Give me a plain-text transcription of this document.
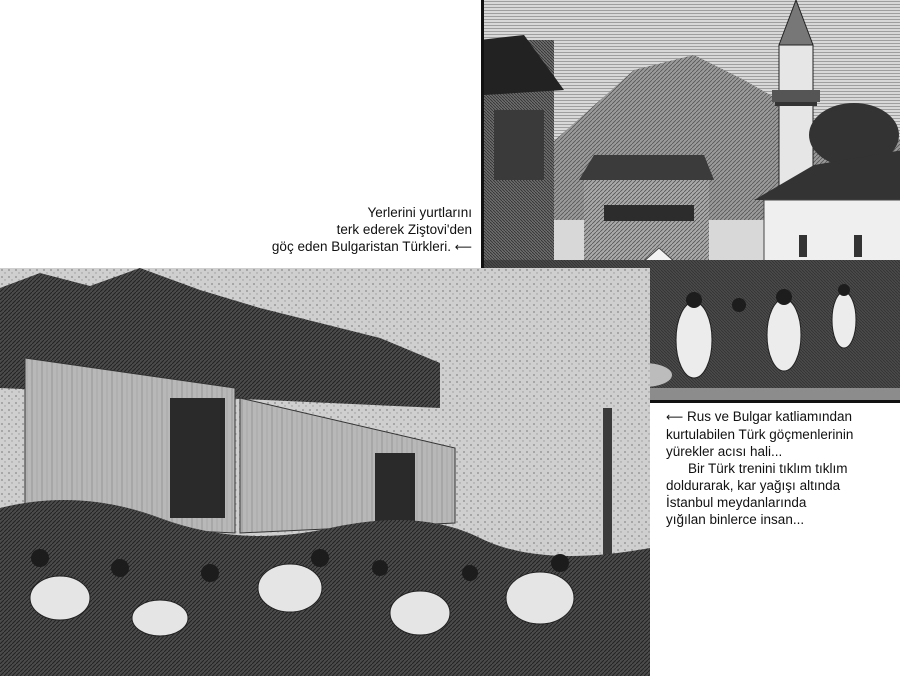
Yerlerini yurtlarını
terk ederek Ziştovi'den
göç eden Bulgaristan Türkleri. ⟵
⟵ Rus ve Bulgar katliamından
kurtulabilen Türk göçmenlerinin
yürekler acısı hali...
Bir Türk trenini tıklım tıklım
doldurarak, kar yağışı altında
İstanbul meydanlarında
yığılan binlerce insan...
